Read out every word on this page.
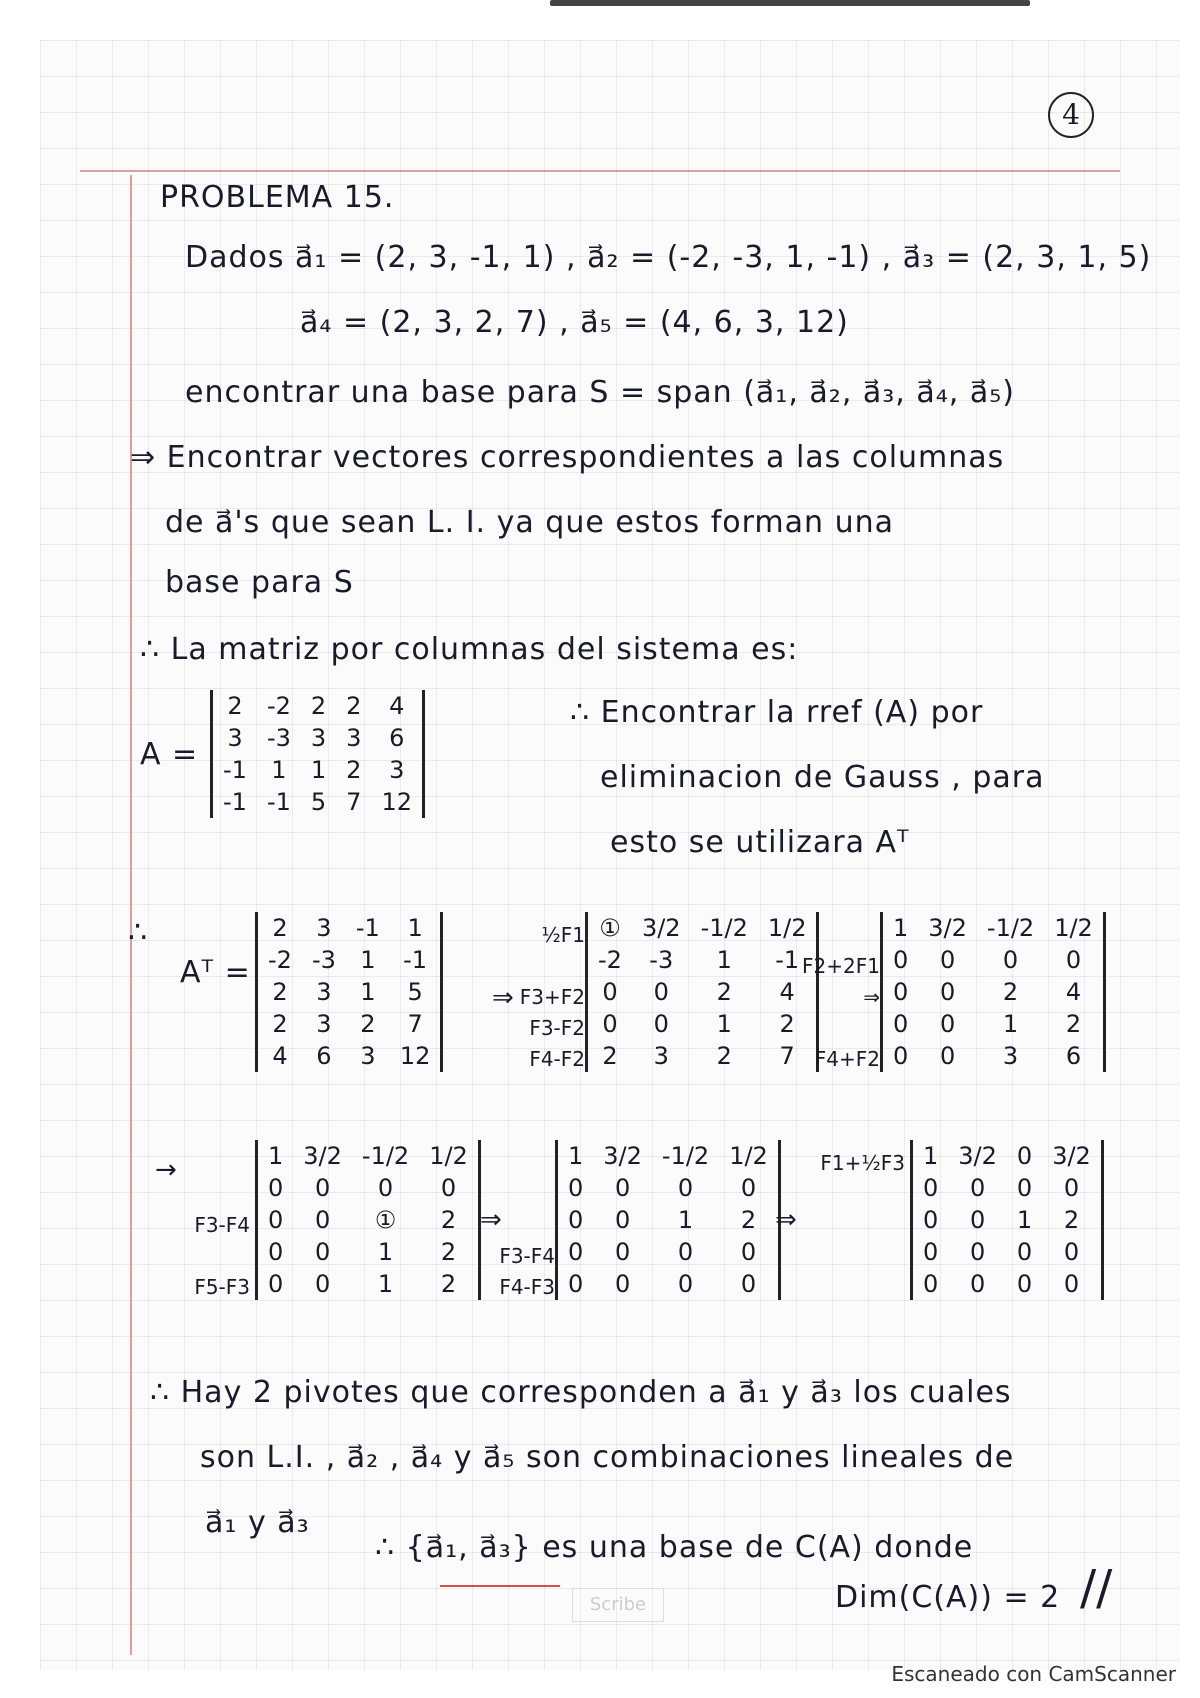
4
PROBLEMA 15.
Dados a⃗₁ = (2, 3, -1, 1) , a⃗₂ = (-2, -3, 1, -1) , a⃗₃ = (2, 3, 1, 5)
a⃗₄ = (2, 3, 2, 7) , a⃗₅ = (4, 6, 3, 12)
encontrar una base para S = span (a⃗₁, a⃗₂, a⃗₃, a⃗₄, a⃗₅)
⇒ Encontrar vectores correspondientes a las columnas
de a⃗'s que sean L. I. ya que estos forman una
base para S
∴ La matriz por columnas del sistema es:
A =
2	-2	2	2	4
3	-3	3	3	6
-1	1	1	2	3
-1	-1	5	7	12
∴ Encontrar la rref (A) por
eliminacion de Gauss , para
esto se utilizara Aᵀ
∴
Aᵀ =
2	3	-1	1
-2	-3	1	-1
2	3	1	5
2	3	2	7
4	6	3	12
½F1

F3+F2
F3-F2
F4-F2
⇒
①	3/2	-1/2	1/2
-2	-3	1	-1
0	0	2	4
0	0	1	2
2	3	2	7

F2+2F1
⇒

F4+F2
1	3/2	-1/2	1/2
0	0	0	0
0	0	2	4
0	0	1	2
0	0	3	6
→

F3-F4

F5-F3
1	3/2	-1/2	1/2
0	0	0	0
0	0	①	2
0	0	1	2
0	0	1	2
⇒

F3-F4
F4-F3
1	3/2	-1/2	1/2
0	0	0	0
0	0	1	2
0	0	0	0
0	0	0	0
⇒
F1+½F3

1	3/2	0	3/2
0	0	0	0
0	0	1	2
0	0	0	0
0	0	0	0
∴ Hay 2 pivotes que corresponden a a⃗₁ y a⃗₃ los cuales
son L.I. , a⃗₂ , a⃗₄ y a⃗₅ son combinaciones lineales de
a⃗₁ y a⃗₃
∴ {a⃗₁, a⃗₃} es una base de C(A) donde
Dim(C(A)) = 2 //
Scribe
Escaneado con CamScanner
